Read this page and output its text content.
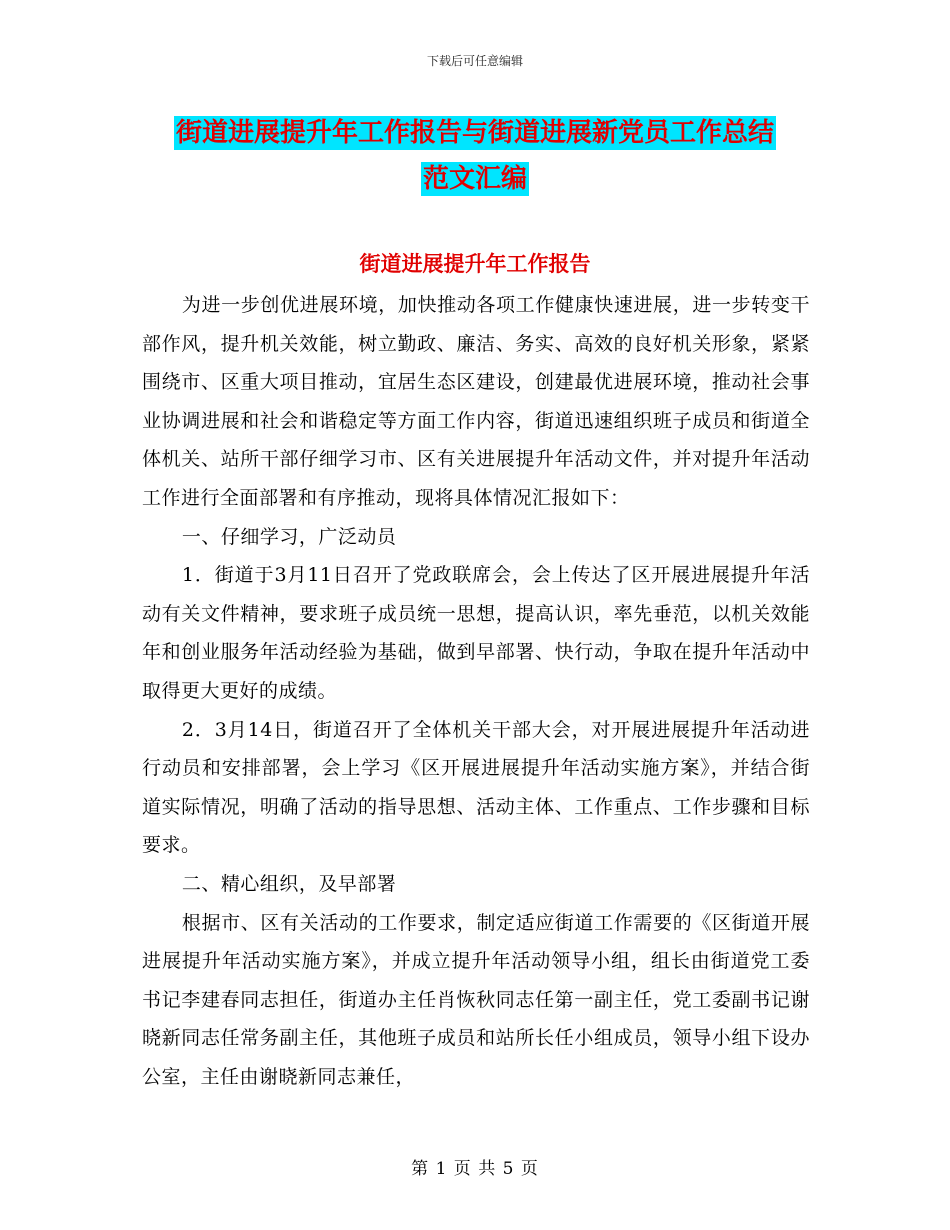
下载后可任意编辑
街道进展提升年工作报告与街道进展新党员工作总结
范文汇编
街道进展提升年工作报告

为进一步创优进展环境，加快推动各项工作健康快速进展，进一步转变干部作风，提升机关效能，树立勤政、廉洁、务实、高效的良好机关形象，紧紧围绕市、区重大项目推动，宜居生态区建设，创建最优进展环境，推动社会事业协调进展和社会和谐稳定等方面工作内容，街道迅速组织班子成员和街道全体机关、站所干部仔细学习市、区有关进展提升年活动文件，并对提升年活动工作进行全面部署和有序推动，现将具体情况汇报如下：

一、仔细学习，广泛动员

1．街道于3月11日召开了党政联席会，会上传达了区开展进展提升年活动有关文件精神，要求班子成员统一思想，提高认识，率先垂范，以机关效能年和创业服务年活动经验为基础，做到早部署、快行动，争取在提升年活动中取得更大更好的成绩。

2．3月14日，街道召开了全体机关干部大会，对开展进展提升年活动进行动员和安排部署，会上学习《区开展进展提升年活动实施方案》，并结合街道实际情况，明确了活动的指导思想、活动主体、工作重点、工作步骤和目标要求。

二、精心组织，及早部署

根据市、区有关活动的工作要求，制定适应街道工作需要的《区街道开展进展提升年活动实施方案》，并成立提升年活动领导小组，组长由街道党工委书记李建春同志担任，街道办主任肖恢秋同志任第一副主任，党工委副书记谢晓新同志任常务副主任，其他班子成员和站所长任小组成员，领导小组下设办公室，主任由谢晓新同志兼任，

第 1 页 共 5 页
